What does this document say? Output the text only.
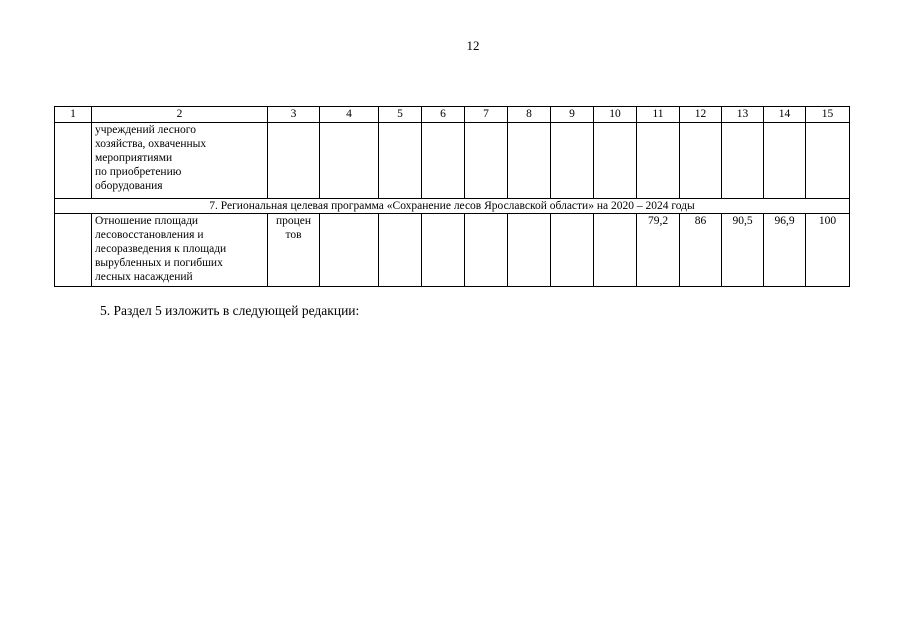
12
1	2	3	4	5	6	7	8	9	10	11	12	13	14	15
	учреждений лесного
хозяйства, охваченных
мероприятиями
по приобретению
оборудования													
7. Региональная целевая программа «Сохранение лесов Ярославской области» на 2020 – 2024 годы														
	Отношение площади
лесовосстановления и
лесоразведения к площади
вырубленных и погибших
лесных насаждений	процен
тов								79,2	86	90,5	96,9	100
5. Раздел 5 изложить в следующей редакции:
